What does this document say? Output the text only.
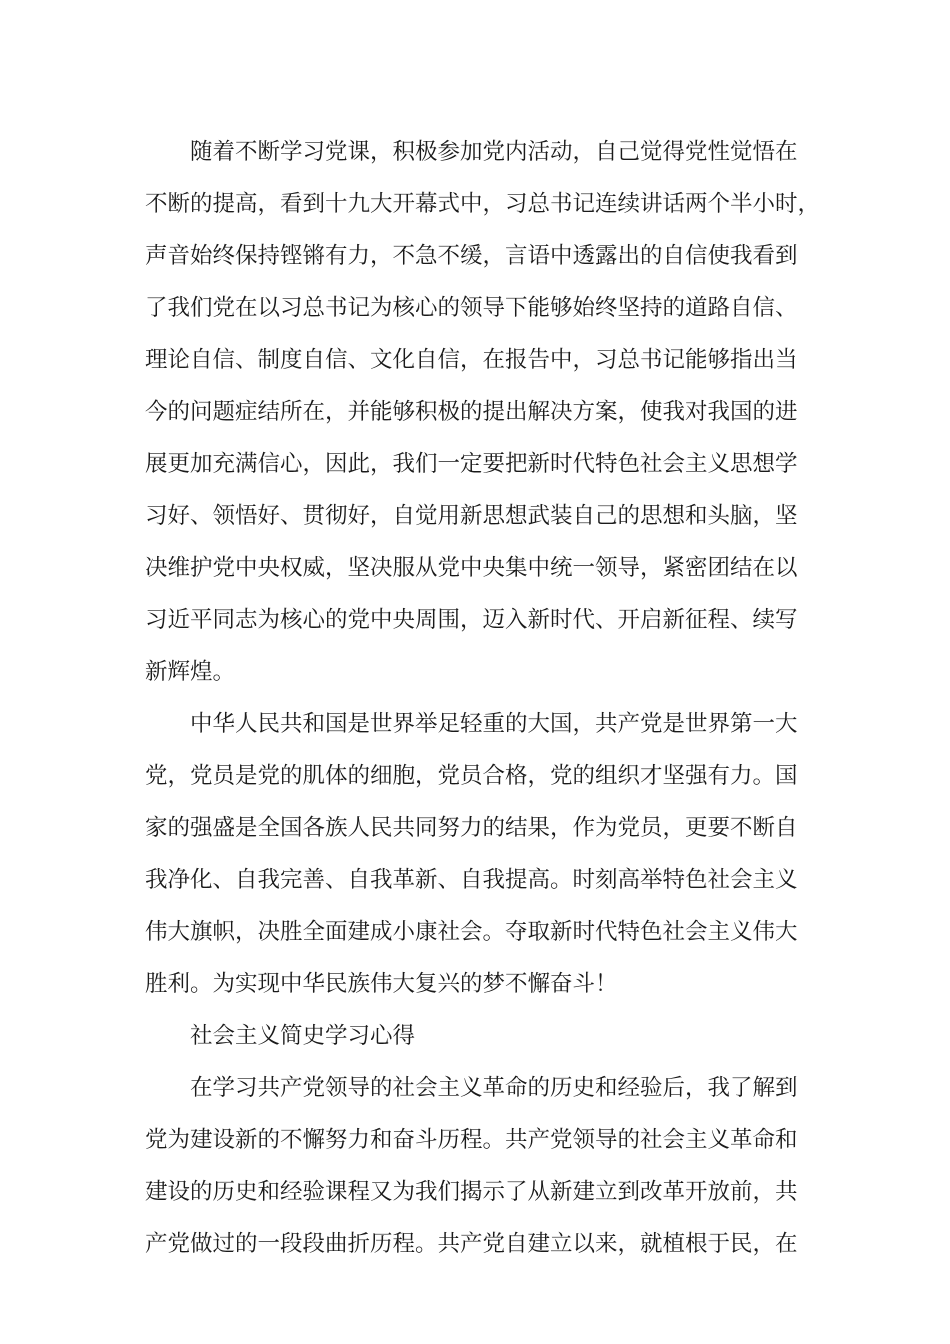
随着不断学习党课，积极参加党内活动，自己觉得党性觉悟在
不断的提高，看到十九大开幕式中，习总书记连续讲话两个半小时，
声音始终保持铿锵有力，不急不缓，言语中透露出的自信使我看到
了我们党在以习总书记为核心的领导下能够始终坚持的道路自信、
理论自信、制度自信、文化自信，在报告中，习总书记能够指出当
今的问题症结所在，并能够积极的提出解决方案，使我对我国的进
展更加充满信心，因此，我们一定要把新时代特色社会主义思想学
习好、领悟好、贯彻好，自觉用新思想武装自己的思想和头脑，坚
决维护党中央权威，坚决服从党中央集中统一领导，紧密团结在以
习近平同志为核心的党中央周围，迈入新时代、开启新征程、续写
新辉煌。
中华人民共和国是世界举足轻重的大国，共产党是世界第一大
党，党员是党的肌体的细胞，党员合格，党的组织才坚强有力。国
家的强盛是全国各族人民共同努力的结果，作为党员，更要不断自
我净化、自我完善、自我革新、自我提高。时刻高举特色社会主义
伟大旗帜，决胜全面建成小康社会。夺取新时代特色社会主义伟大
胜利。为实现中华民族伟大复兴的梦不懈奋斗！
社会主义简史学习心得
在学习共产党领导的社会主义革命的历史和经验后，我了解到
党为建设新的不懈努力和奋斗历程。共产党领导的社会主义革命和
建设的历史和经验课程又为我们揭示了从新建立到改革开放前，共
产党做过的一段段曲折历程。共产党自建立以来，就植根于民，在
